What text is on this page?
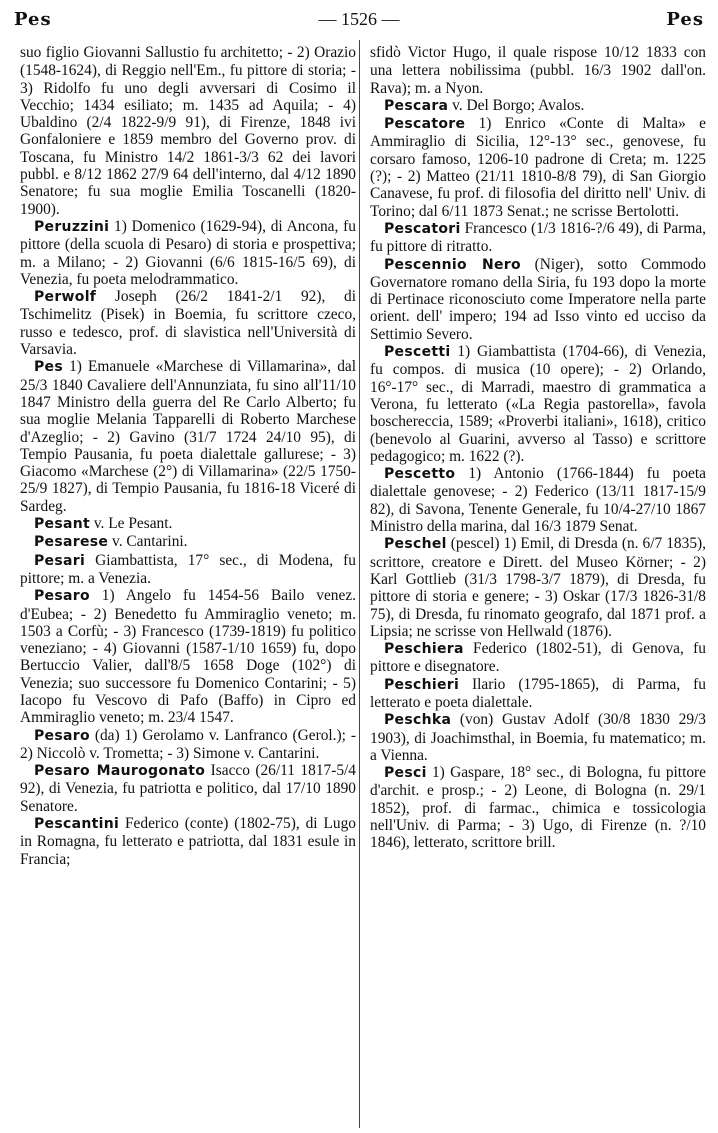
Pes	— 1526 —	Pes

suo figlio Giovanni Sallustio fu architetto; - 2) Orazio (1548-1624), di Reggio nell'Em., fu pittore di storia; - 3) Ridolfo fu uno degli avversari di Cosimo il Vecchio; 1434 esiliato; m. 1435 ad Aquila; - 4) Ubaldino (2/4 1822-9/9 91), di Firenze, 1848 ivi Gonfaloniere e 1859 membro del Governo prov. di Toscana, fu Ministro 14/2 1861-3/3 62 dei lavori pubbl. e 8/12 1862 27/9 64 dell'interno, dal 4/12 1890 Senatore; fu sua moglie Emilia Toscanelli (1820-1900).

Peruzzini 1) Domenico (1629-94), di Ancona, fu pittore (della scuola di Pesaro) di storia e prospettiva; m. a Milano; - 2) Giovanni (6/6 1815-16/5 69), di Venezia, fu poeta melodrammatico.

Perwolf Joseph (26/2 1841-2/1 92), di Tschimelitz (Pisek) in Boemia, fu scrittore czeco, russo e tedesco, prof. di slavistica nell'Università di Varsavia.

Pes 1) Emanuele «Marchese di Villamarina», dal 25/3 1840 Cavaliere dell'Annunziata, fu sino all'11/10 1847 Ministro della guerra del Re Carlo Alberto; fu sua moglie Melania Tapparelli di Roberto Marchese d'Azeglio; - 2) Gavino (31/7 1724 24/10 95), di Tempio Pausania, fu poeta dialettale gallurese; - 3) Giacomo «Marchese (2°) di Villamarina» (22/5 1750-25/9 1827), di Tempio Pausania, fu 1816-18 Viceré di Sardeg.

Pesant v. Le Pesant.

Pesarese v. Cantarini.

Pesari Giambattista, 17° sec., di Modena, fu pittore; m. a Venezia.

Pesaro 1) Angelo fu 1454-56 Bailo venez. d'Eubea; - 2) Benedetto fu Ammiraglio veneto; m. 1503 a Corfù; - 3) Francesco (1739-1819) fu politico veneziano; - 4) Giovanni (1587-1/10 1659) fu, dopo Bertuccio Valier, dall'8/5 1658 Doge (102°) di Venezia; suo successore fu Domenico Contarini; - 5) Iacopo fu Vescovo di Pafo (Baffo) in Cipro ed Ammiraglio veneto; m. 23/4 1547.

Pesaro (da) 1) Gerolamo v. Lanfranco (Gerol.); - 2) Niccolò v. Trometta; - 3) Simone v. Cantarini.

Pesaro Maurogonato Isacco (26/11 1817-5/4 92), di Venezia, fu patriotta e politico, dal 17/10 1890 Senatore.

Pescantini Federico (conte) (1802-75), di Lugo in Romagna, fu letterato e patriotta, dal 1831 esule in Francia;

sfidò Victor Hugo, il quale rispose 10/12 1833 con una lettera nobilissima (pubbl. 16/3 1902 dall'on. Rava); m. a Nyon.

Pescara v. Del Borgo; Avalos.

Pescatore 1) Enrico «Conte di Malta» e Ammiraglio di Sicilia, 12°-13° sec., genovese, fu corsaro famoso, 1206-10 padrone di Creta; m. 1225 (?); - 2) Matteo (21/11 1810-8/8 79), di San Giorgio Canavese, fu prof. di filosofia del diritto nell' Univ. di Torino; dal 6/11 1873 Senat.; ne scrisse Bertolotti.

Pescatori Francesco (1/3 1816-?/6 49), di Parma, fu pittore di ritratto.

Pescennio Nero (Niger), sotto Commodo Governatore romano della Siria, fu 193 dopo la morte di Pertinace riconosciuto come Imperatore nella parte orient. dell' impero; 194 ad Isso vinto ed ucciso da Settimio Severo.

Pescetti 1) Giambattista (1704-66), di Venezia, fu compos. di musica (10 opere); - 2) Orlando, 16°-17° sec., di Marradi, maestro di grammatica a Verona, fu letterato («La Regia pastorella», favola boschereccia, 1589; «Proverbi italiani», 1618), critico (benevolo al Guarini, avverso al Tasso) e scrittore pedagogico; m. 1622 (?).

Pescetto 1) Antonio (1766-1844) fu poeta dialettale genovese; - 2) Federico (13/11 1817-15/9 82), di Savona, Tenente Generale, fu 10/4-27/10 1867 Ministro della marina, dal 16/3 1879 Senat.

Peschel (pescel) 1) Emil, di Dresda (n. 6/7 1835), scrittore, creatore e Dirett. del Museo Körner; - 2) Karl Gottlieb (31/3 1798-3/7 1879), di Dresda, fu pittore di storia e genere; - 3) Oskar (17/3 1826-31/8 75), di Dresda, fu rinomato geografo, dal 1871 prof. a Lipsia; ne scrisse von Hellwald (1876).

Peschiera Federico (1802-51), di Genova, fu pittore e disegnatore.

Peschieri Ilario (1795-1865), di Parma, fu letterato e poeta dialettale.

Peschka (von) Gustav Adolf (30/8 1830 29/3 1903), di Joachimsthal, in Boemia, fu matematico; m. a Vienna.

Pesci 1) Gaspare, 18° sec., di Bologna, fu pittore d'archit. e prosp.; - 2) Leone, di Bologna (n. 29/1 1852), prof. di farmac., chimica e tossicologia nell'Univ. di Parma; - 3) Ugo, di Firenze (n. ?/10 1846), letterato, scrittore brill.
